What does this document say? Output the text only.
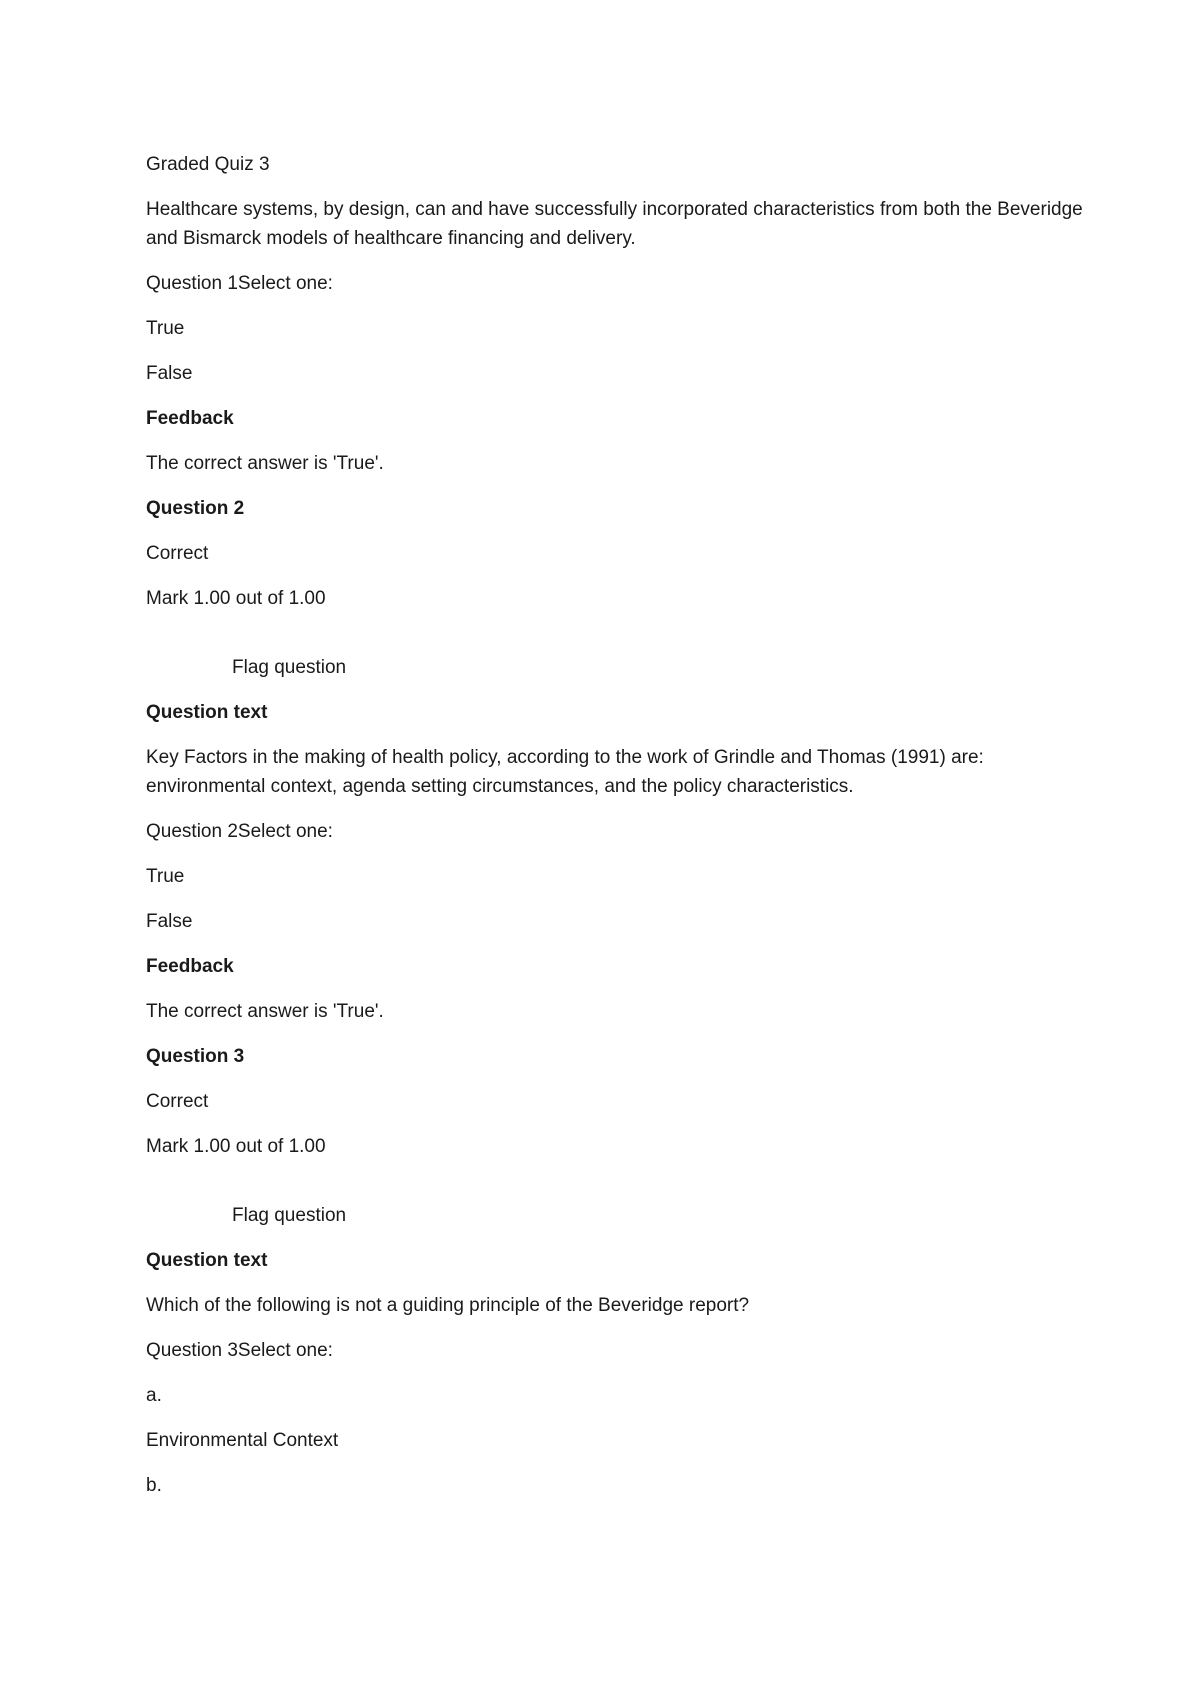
Graded Quiz 3

Healthcare systems, by design, can and have successfully incorporated characteristics from both the Beveridge and Bismarck models of healthcare financing and delivery.

Question 1Select one:

True

False

Feedback

The correct answer is 'True'.

Question 2

Correct

Mark 1.00 out of 1.00

Flag question

Question text

Key Factors in the making of health policy, according to the work of Grindle and Thomas (1991) are: environmental context, agenda setting circumstances, and the policy characteristics.

Question 2Select one:

True

False

Feedback

The correct answer is 'True'.

Question 3

Correct

Mark 1.00 out of 1.00

Flag question

Question text

Which of the following is not a guiding principle of the Beveridge report?

Question 3Select one:

a.

Environmental Context

b.
